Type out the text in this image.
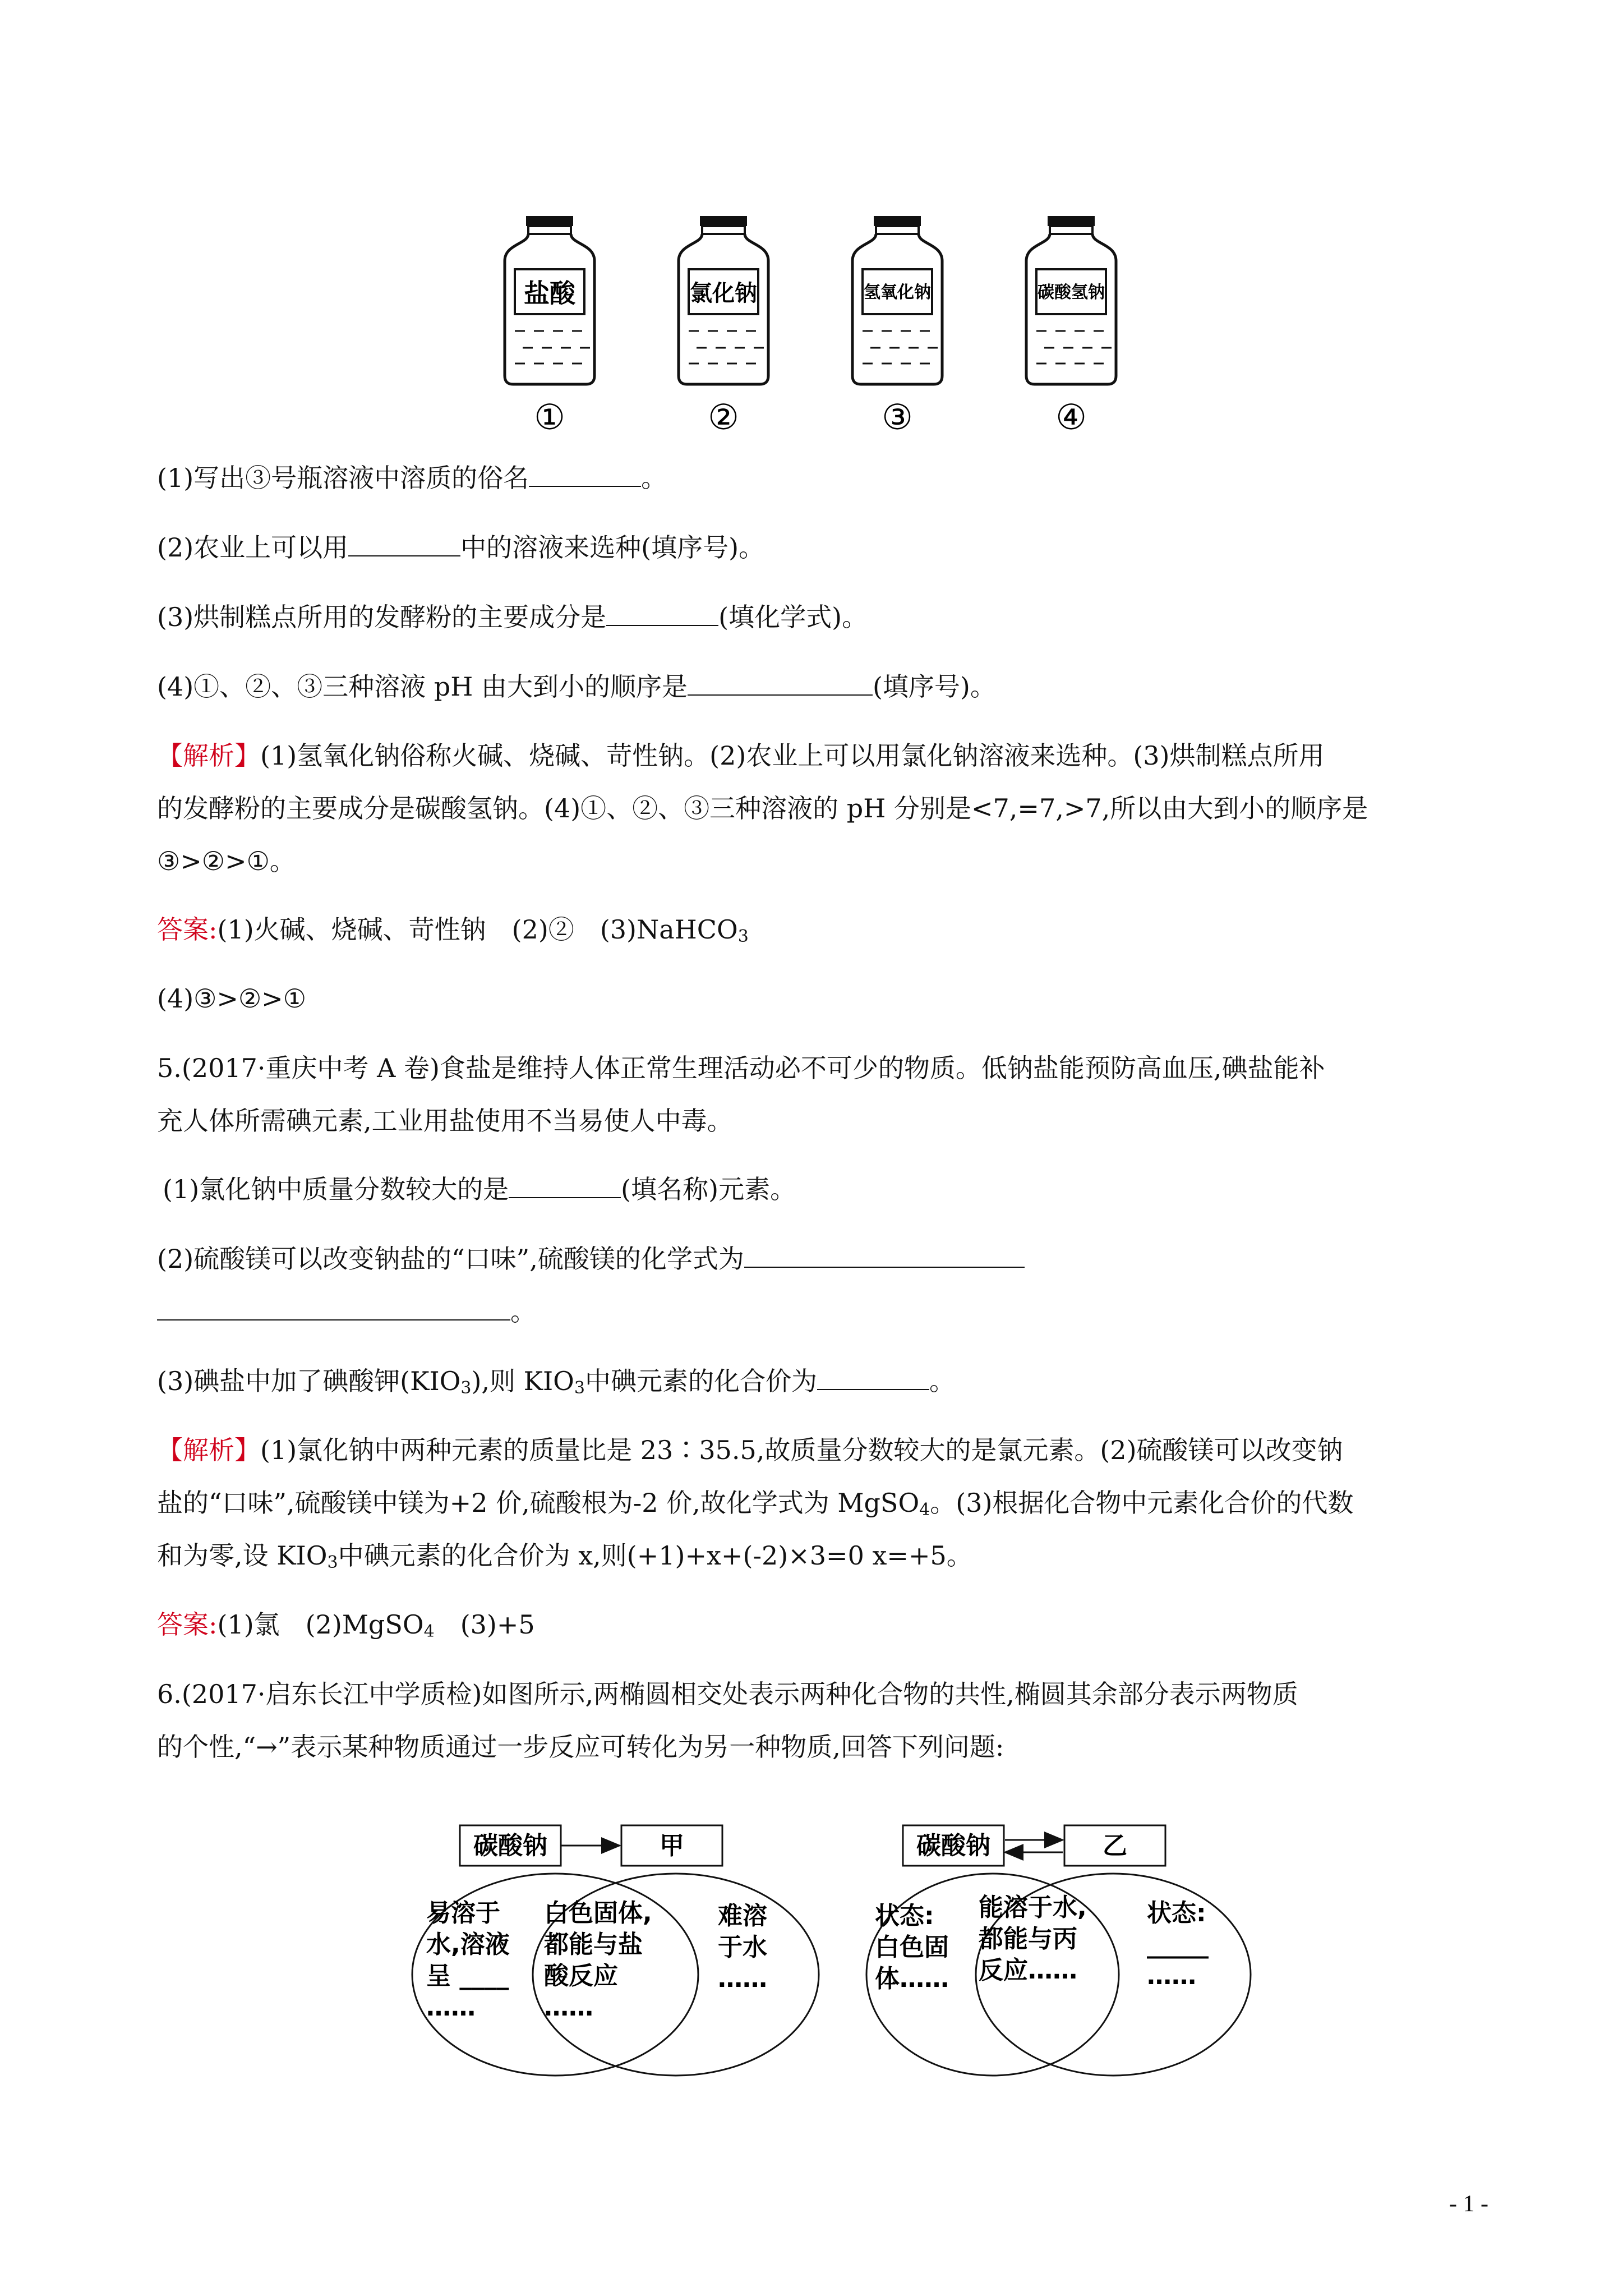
盐酸
①
氯化钠
②
氢氧化钠
③
碳酸氢钠
④
(1)写出③号瓶溶液中溶质的俗名	。
(2)农业上可以用	中的溶液来选种(填序号)。
(3)烘制糕点所用的发酵粉的主要成分是	(填化学式)。
(4)①、②、③三种溶液 pH 由大到小的顺序是	(填序号)。
【解析】(1)氢氧化钠俗称火碱、烧碱、苛性钠。(2)农业上可以用氯化钠溶液来选种。(3)烘制糕点所用
的发酵粉的主要成分是碳酸氢钠。(4)①、②、③三种溶液的 pH 分别是<7,=7,>7,所以由大到小的顺序是
③>②>①。
答案:(1)火碱、烧碱、苛性钠　(2)②　(3)NaHCO$_3$
(4)③>②>①
5.(2017·重庆中考 A 卷)食盐是维持人体正常生理活动必不可少的物质。低钠盐能预防高血压,碘盐能补
充人体所需碘元素,工业用盐使用不当易使人中毒。
(1)氯化钠中质量分数较大的是	(填名称)元素。
(2)硫酸镁可以改变钠盐的“口味”,硫酸镁的化学式为
。
(3)碘盐中加了碘酸钾$(KIO_3)$,则 $KIO_3$中碘元素的化合价为	。
【解析】(1)氯化钠中两种元素的质量比是 23∶35.5,故质量分数较大的是氯元素。(2)硫酸镁可以改变钠
盐的“口味”,硫酸镁中镁为+2 价,硫酸根为-2 价,故化学式为 MgSO$_4$。(3)根据化合物中元素化合价的代数
和为零,设 $KIO_3$中碘元素的化合价为 x,则(+1)+x+(-2)×3=0 x=+5。
答案:(1)氯　(2)MgSO$_4$　(3)+5
6.(2017·启东长江中学质检)如图所示,两椭圆相交处表示两种化合物的共性,椭圆其余部分表示两物质
的个性,“→”表示某种物质通过一步反应可转化为另一种物质,回答下列问题:
碳酸钠	甲
易溶于
水,溶液
呈 ____
……
白色固体,
都能与盐
酸反应
……
难溶
于水
……
碳酸钠	乙
状态:
白色固
体……
能溶于水,
都能与丙
反应……
状态:
_____
……
- 1 -
